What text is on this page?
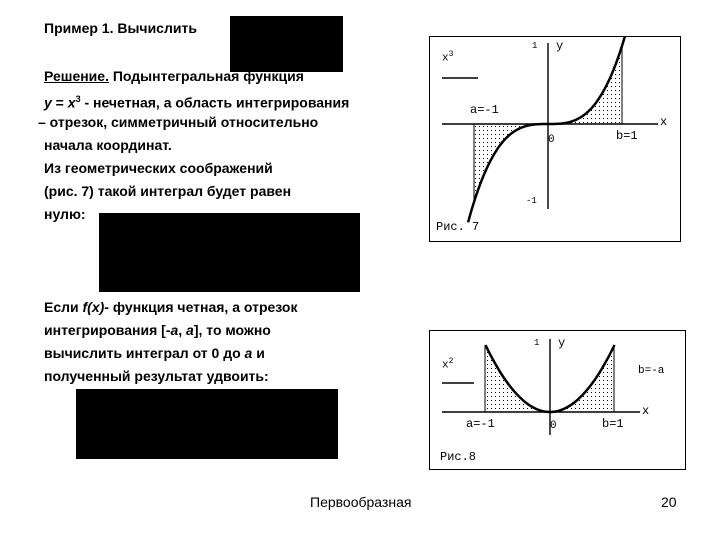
Пример 1. Вычислить
Решение. Подынтегральная функция
$y = x^3$ - нечетная, а область интегрирования
– отрезок, симметричный относительно
начала координат.
Из геометрических соображений
(рис. 7) такой интеграл будет равен
нулю:
Если f(x)- функция четная, а отрезок
интегрирования [-a, a], то можно
вычислить интеграл от 0 до a и
полученный результат удвоить:
$x^3$
1 y
x
a=-1
b=1
0
-1
Рис. 7
$x^2$
1 y
x
a=-1	b=1
b=-a
0
Рис.8
Первообразная	20
